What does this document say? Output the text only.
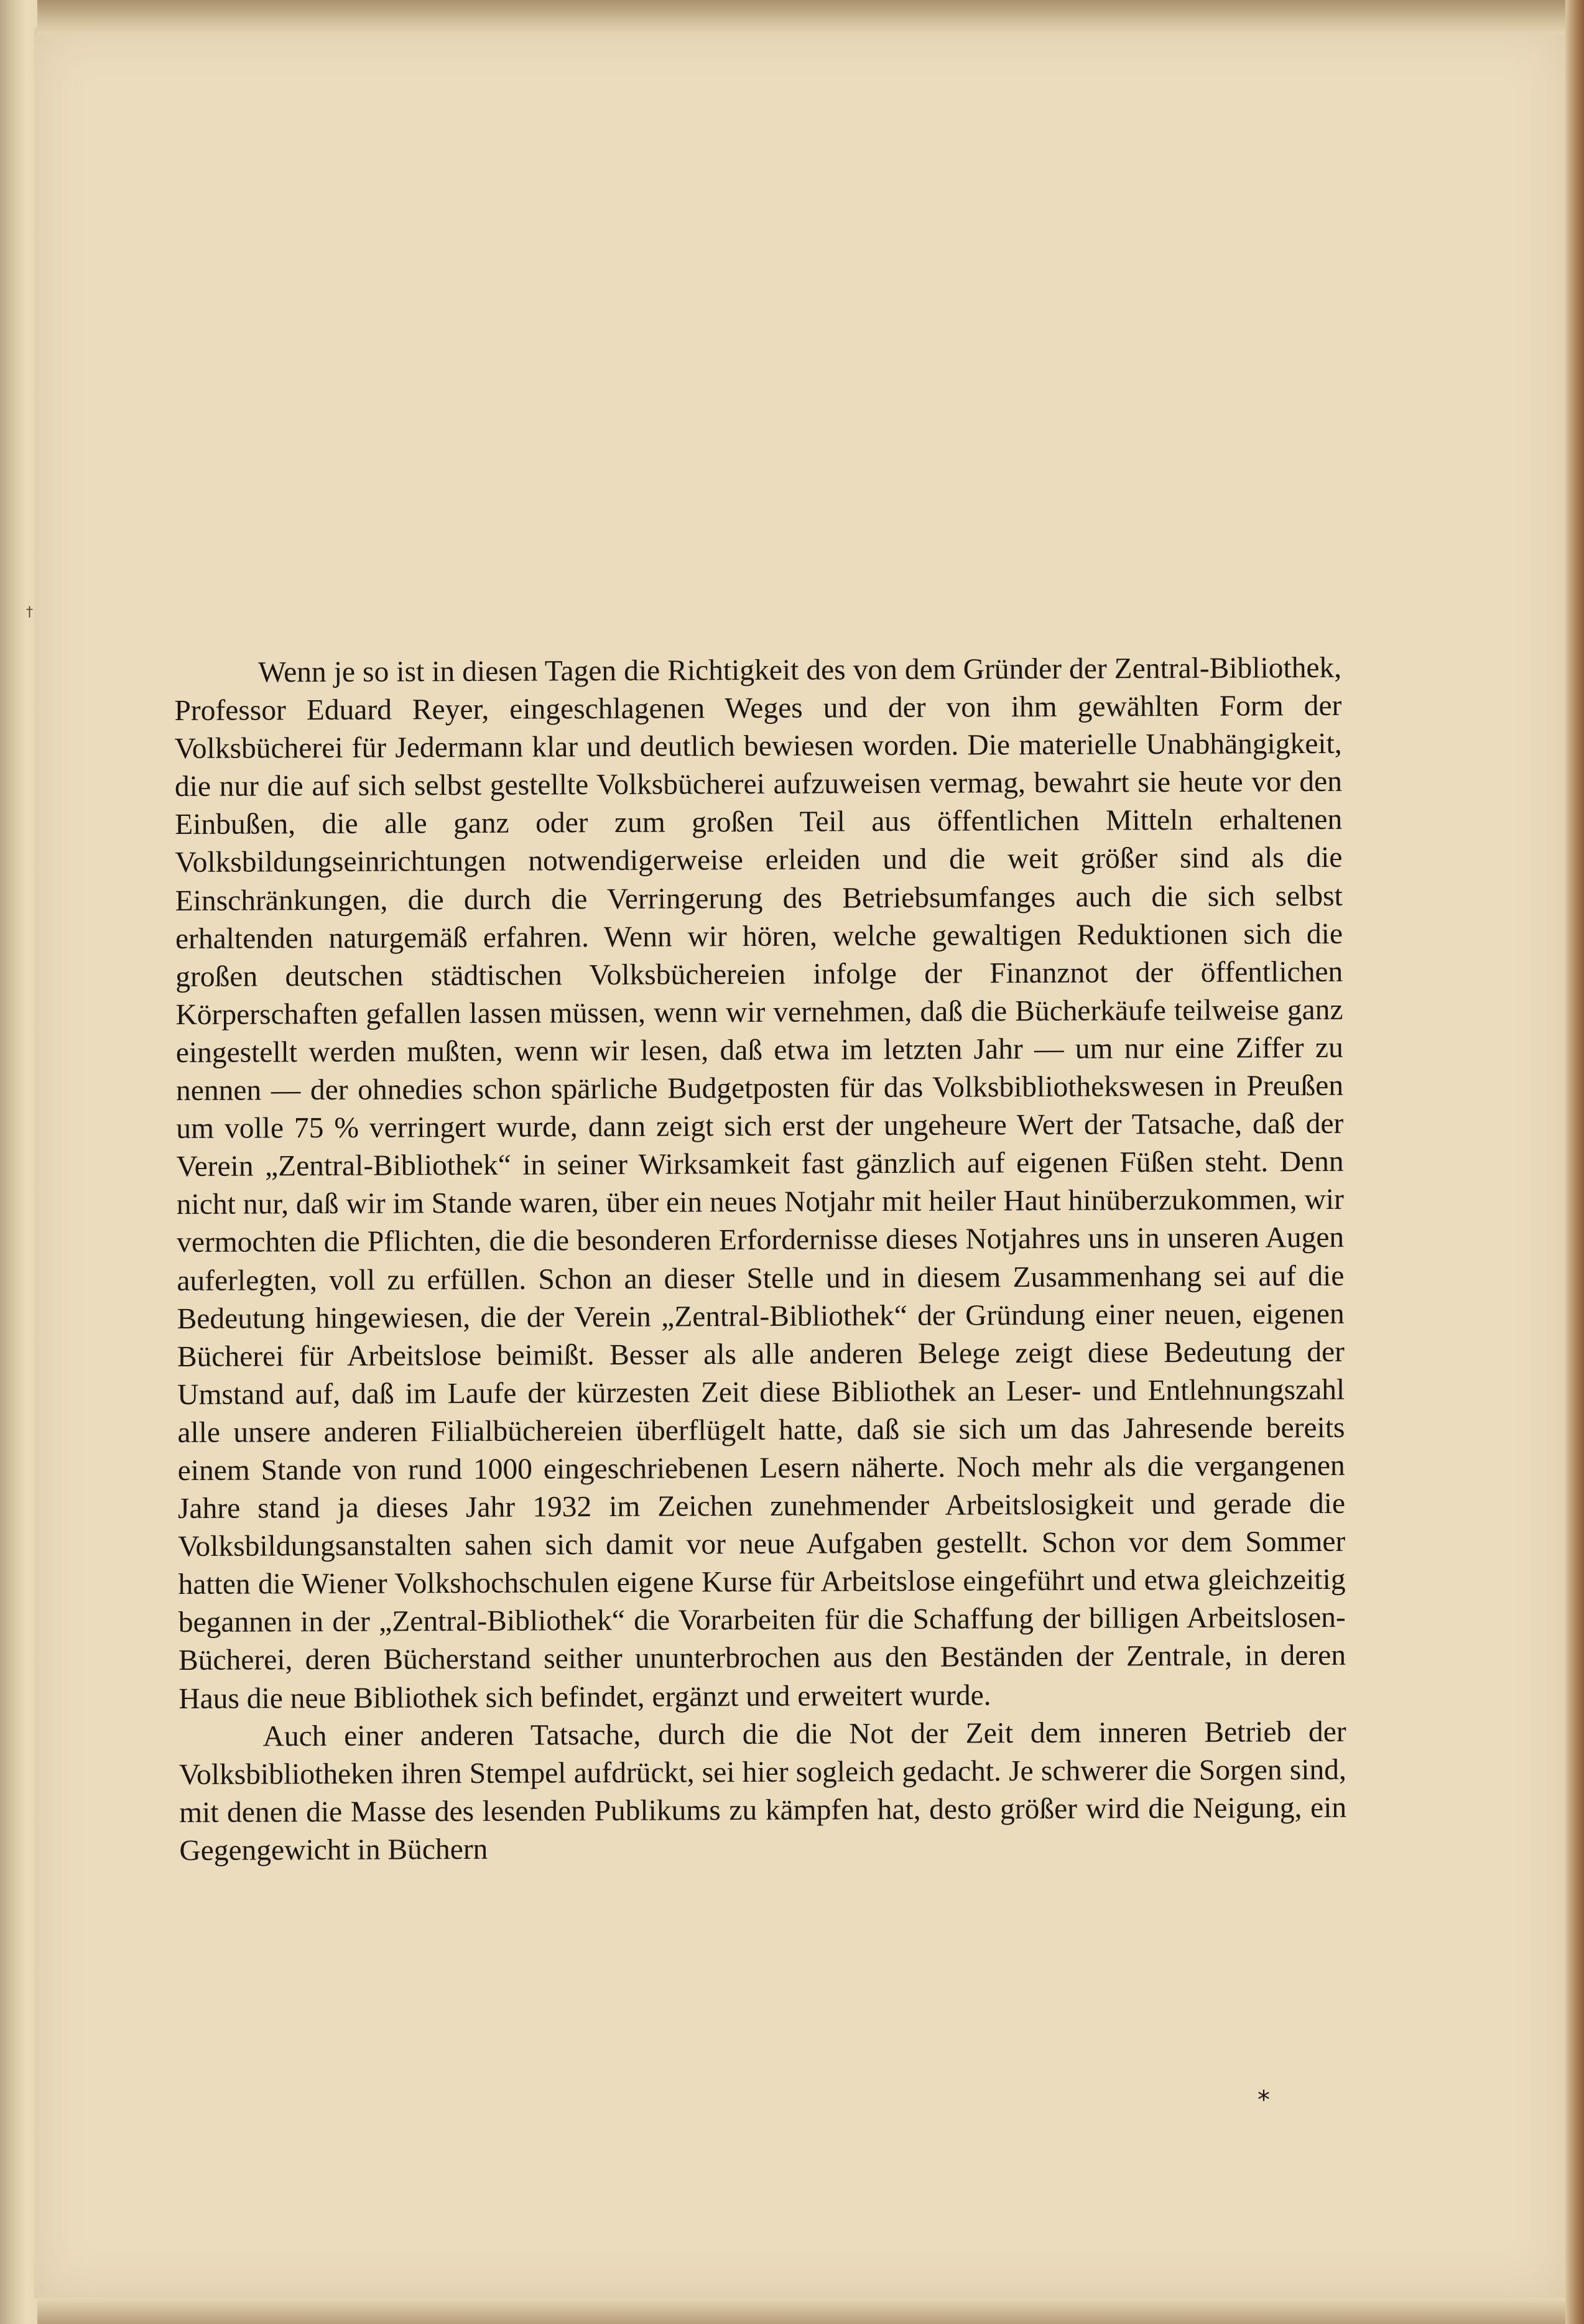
†

Wenn je so ist in diesen Tagen die Richtigkeit des von dem Gründer der Zentral-Bibliothek, Professor Eduard Reyer, eingeschlagenen Weges und der von ihm gewählten Form der Volksbücherei für Jedermann klar und deutlich bewiesen worden. Die materielle Unabhängigkeit, die nur die auf sich selbst gestellte Volksbücherei aufzuweisen vermag, bewahrt sie heute vor den Einbußen, die alle ganz oder zum großen Teil aus öffentlichen Mitteln erhaltenen Volksbildungseinrichtungen notwendigerweise erleiden und die weit größer sind als die Einschränkungen, die durch die Verringerung des Betriebsumfanges auch die sich selbst erhaltenden naturgemäß erfahren. Wenn wir hören, welche gewaltigen Reduktionen sich die großen deutschen städtischen Volksbüchereien infolge der Finanznot der öffentlichen Körperschaften gefallen lassen müssen, wenn wir vernehmen, daß die Bücherkäufe teilweise ganz eingestellt werden mußten, wenn wir lesen, daß etwa im letzten Jahr — um nur eine Ziffer zu nennen — der ohnedies schon spärliche Budgetposten für das Volksbibliothekswesen in Preußen um volle 75 % verringert wurde, dann zeigt sich erst der ungeheure Wert der Tatsache, daß der Verein „Zentral-Bibliothek“ in seiner Wirksamkeit fast gänzlich auf eigenen Füßen steht. Denn nicht nur, daß wir im Stande waren, über ein neues Notjahr mit heiler Haut hinüberzukommen, wir vermochten die Pflichten, die die besonderen Erfordernisse dieses Notjahres uns in unseren Augen auferlegten, voll zu erfüllen. Schon an dieser Stelle und in diesem Zusammenhang sei auf die Bedeutung hingewiesen, die der Verein „Zentral-Bibliothek“ der Gründung einer neuen, eigenen Bücherei für Arbeitslose beimißt. Besser als alle anderen Belege zeigt diese Bedeutung der Umstand auf, daß im Laufe der kürzesten Zeit diese Bibliothek an Leser- und Entlehnungszahl alle unsere anderen Filialbüchereien überflügelt hatte, daß sie sich um das Jahresende bereits einem Stande von rund 1000 eingeschriebenen Lesern näherte. Noch mehr als die vergangenen Jahre stand ja dieses Jahr 1932 im Zeichen zunehmender Arbeitslosigkeit und gerade die Volksbildungsanstalten sahen sich damit vor neue Aufgaben gestellt. Schon vor dem Sommer hatten die Wiener Volkshochschulen eigene Kurse für Arbeitslose eingeführt und etwa gleichzeitig begannen in der „Zentral-Bibliothek“ die Vorarbeiten für die Schaffung der billigen Arbeitslosen-Bücherei, deren Bücherstand seither ununterbrochen aus den Beständen der Zentrale, in deren Haus die neue Bibliothek sich befindet, ergänzt und erweitert wurde.

Auch einer anderen Tatsache, durch die die Not der Zeit dem inneren Betrieb der Volksbibliotheken ihren Stempel aufdrückt, sei hier sogleich gedacht. Je schwerer die Sorgen sind, mit denen die Masse des lesenden Publikums zu kämpfen hat, desto größer wird die Neigung, ein Gegengewicht in Büchern

*
